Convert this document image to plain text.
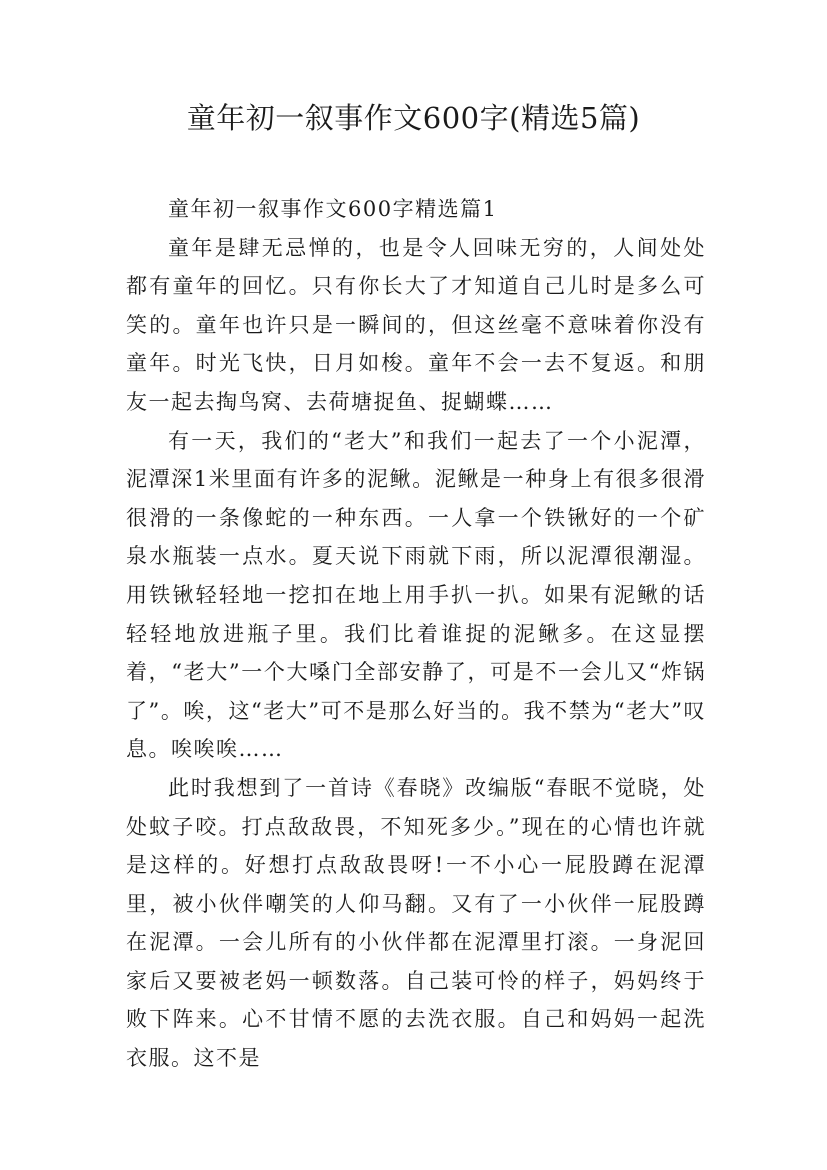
童年初一叙事作文600字(精选5篇)

童年初一叙事作文600字精选篇1

童年是肆无忌惮的，也是令人回味无穷的，人间处处都有童年的回忆。只有你长大了才知道自己儿时是多么可笑的。童年也许只是一瞬间的，但这丝毫不意味着你没有童年。时光飞快，日月如梭。童年不会一去不复返。和朋友一起去掏鸟窝、去荷塘捉鱼、捉蝴蝶……

有一天，我们的“老大”和我们一起去了一个小泥潭，泥潭深1米里面有许多的泥鳅。泥鳅是一种身上有很多很滑很滑的一条像蛇的一种东西。一人拿一个铁锹好的一个矿泉水瓶装一点水。夏天说下雨就下雨，所以泥潭很潮湿。用铁锹轻轻地一挖扣在地上用手扒一扒。如果有泥鳅的话轻轻地放进瓶子里。我们比着谁捉的泥鳅多。在这显摆着，“老大”一个大嗓门全部安静了，可是不一会儿又“炸锅了”。唉，这“老大”可不是那么好当的。我不禁为“老大”叹息。唉唉唉……

此时我想到了一首诗《春晓》改编版“春眠不觉晓，处处蚊子咬。打点敌敌畏，不知死多少。”现在的心情也许就是这样的。好想打点敌敌畏呀!一不小心一屁股蹲在泥潭里，被小伙伴嘲笑的人仰马翻。又有了一小伙伴一屁股蹲在泥潭。一会儿所有的小伙伴都在泥潭里打滚。一身泥回家后又要被老妈一顿数落。自己装可怜的样子，妈妈终于败下阵来。心不甘情不愿的去洗衣服。自己和妈妈一起洗衣服。这不是
